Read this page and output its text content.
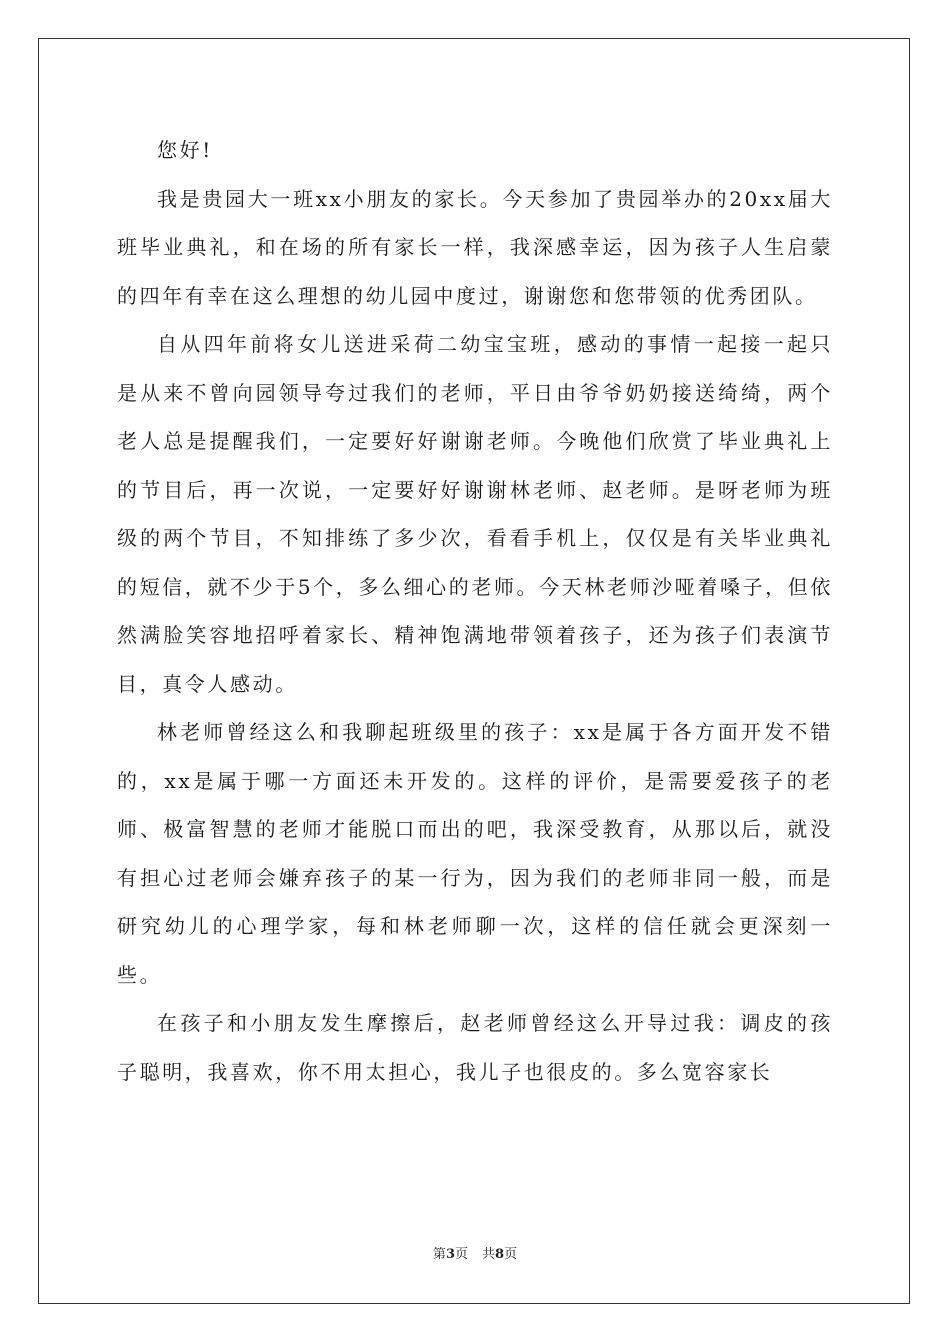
您好!

我是贵园大一班xx小朋友的家长。今天参加了贵园举办的20xx届大班毕业典礼，和在场的所有家长一样，我深感幸运，因为孩子人生启蒙的四年有幸在这么理想的幼儿园中度过，谢谢您和您带领的优秀团队。

自从四年前将女儿送进采荷二幼宝宝班，感动的事情一起接一起只是从来不曾向园领导夸过我们的老师，平日由爷爷奶奶接送绮绮，两个老人总是提醒我们，一定要好好谢谢老师。今晚他们欣赏了毕业典礼上的节目后，再一次说，一定要好好谢谢林老师、赵老师。是呀老师为班级的两个节目，不知排练了多少次，看看手机上，仅仅是有关毕业典礼的短信，就不少于5个，多么细心的老师。今天林老师沙哑着嗓子，但依然满脸笑容地招呼着家长、精神饱满地带领着孩子，还为孩子们表演节目，真令人感动。

林老师曾经这么和我聊起班级里的孩子：xx是属于各方面开发不错的，xx是属于哪一方面还未开发的。这样的评价，是需要爱孩子的老师、极富智慧的老师才能脱口而出的吧，我深受教育，从那以后，就没有担心过老师会嫌弃孩子的某一行为，因为我们的老师非同一般，而是研究幼儿的心理学家，每和林老师聊一次，这样的信任就会更深刻一些。

在孩子和小朋友发生摩擦后，赵老师曾经这么开导过我：调皮的孩子聪明，我喜欢，你不用太担心，我儿子也很皮的。多么宽容家长

第3页 共8页
